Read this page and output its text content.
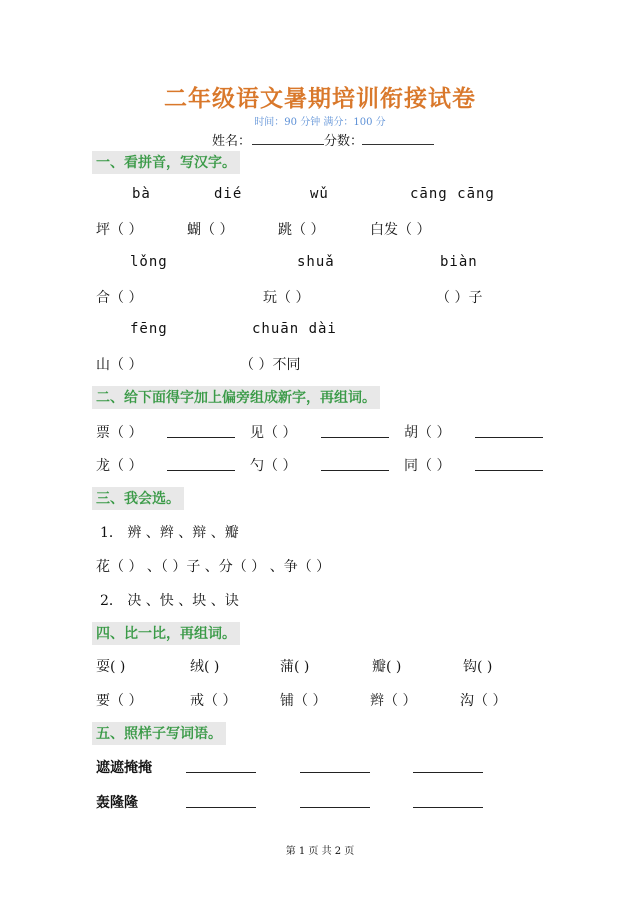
二年级语文暑期培训衔接试卷
时间：90 分钟 满分：100 分
姓名：	分数：
一、看拼音，写汉字。
bà	dié	wǔ	cāng cāng
坪（ ）	蝴（ ）	跳（ ）	白发（ ）
lǒng	shuǎ	biàn
合（ ）	玩（ ）	（ ）子
fēng	chuān dài
山（ ）	（ ）不同
二、给下面得字加上偏旁组成新字，再组词。
票（ ）	见（ ）	胡（ ）
龙（ ）	勺（ ）	同（ ）
三、我会选。
1． 辨 、辫 、辩 、瓣
花（ ） 、（ ）子 、分（ ） 、争（ ）
2． 决 、快 、块 、诀
四、比一比，再组词。
耍( )	绒( )	蒲( )	瓣( )	钩( )
要（ ）	戒（ ）	铺（ ）	辫（ ）	沟（ ）
五、照样子写词语。
遮遮掩掩
轰隆隆
第 1 页 共 2 页
